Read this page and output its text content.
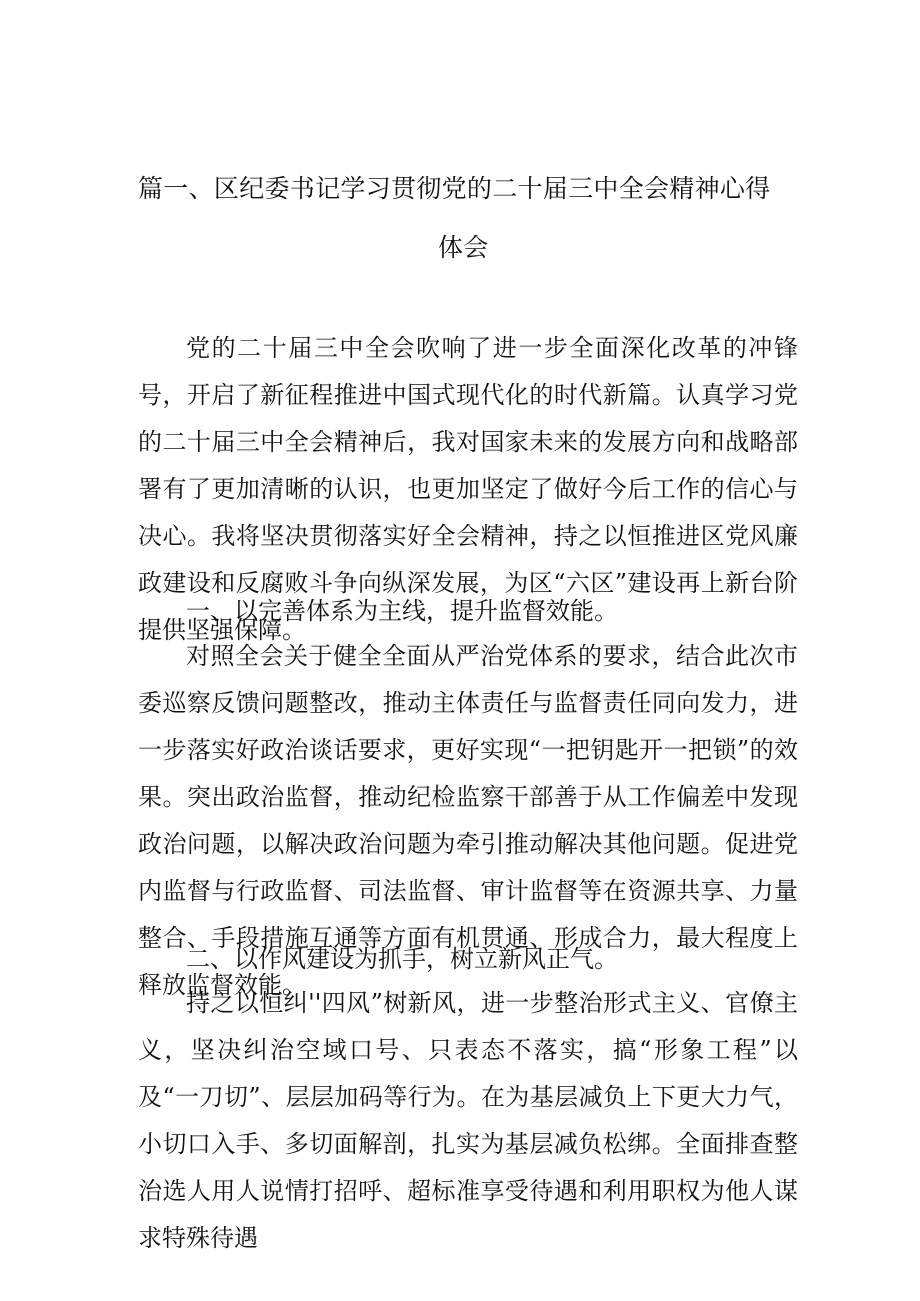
篇一、区纪委书记学习贯彻党的二十届三中全会精神心得
体会

党的二十届三中全会吹响了进一步全面深化改革的冲锋号，开启了新征程推进中国式现代化的时代新篇。认真学习党的二十届三中全会精神后，我对国家未来的发展方向和战略部署有了更加清晰的认识，也更加坚定了做好今后工作的信心与决心。我将坚决贯彻落实好全会精神，持之以恒推进区党风廉政建设和反腐败斗争向纵深发展，为区“六区”建设再上新台阶提供坚强保障。

一、以完善体系为主线，提升监督效能。

对照全会关于健全全面从严治党体系的要求，结合此次市委巡察反馈问题整改，推动主体责任与监督责任同向发力，进一步落实好政治谈话要求，更好实现“一把钥匙开一把锁”的效果。突出政治监督，推动纪检监察干部善于从工作偏差中发现政治问题，以解决政治问题为牵引推动解决其他问题。促进党内监督与行政监督、司法监督、审计监督等在资源共享、力量整合、手段措施互通等方面有机贯通、形成合力，最大程度上释放监督效能。

二、以作风建设为抓手，树立新风正气。

持之以恒纠''四风”树新风，进一步整治形式主义、官僚主义，坚决纠治空域口号、只表态不落实，搞“形象工程”以及“一刀切”、层层加码等行为。在为基层减负上下更大力气，小切口入手、多切面解剖，扎实为基层减负松绑。全面排查整治选人用人说情打招呼、超标准享受待遇和利用职权为他人谋求特殊待遇
